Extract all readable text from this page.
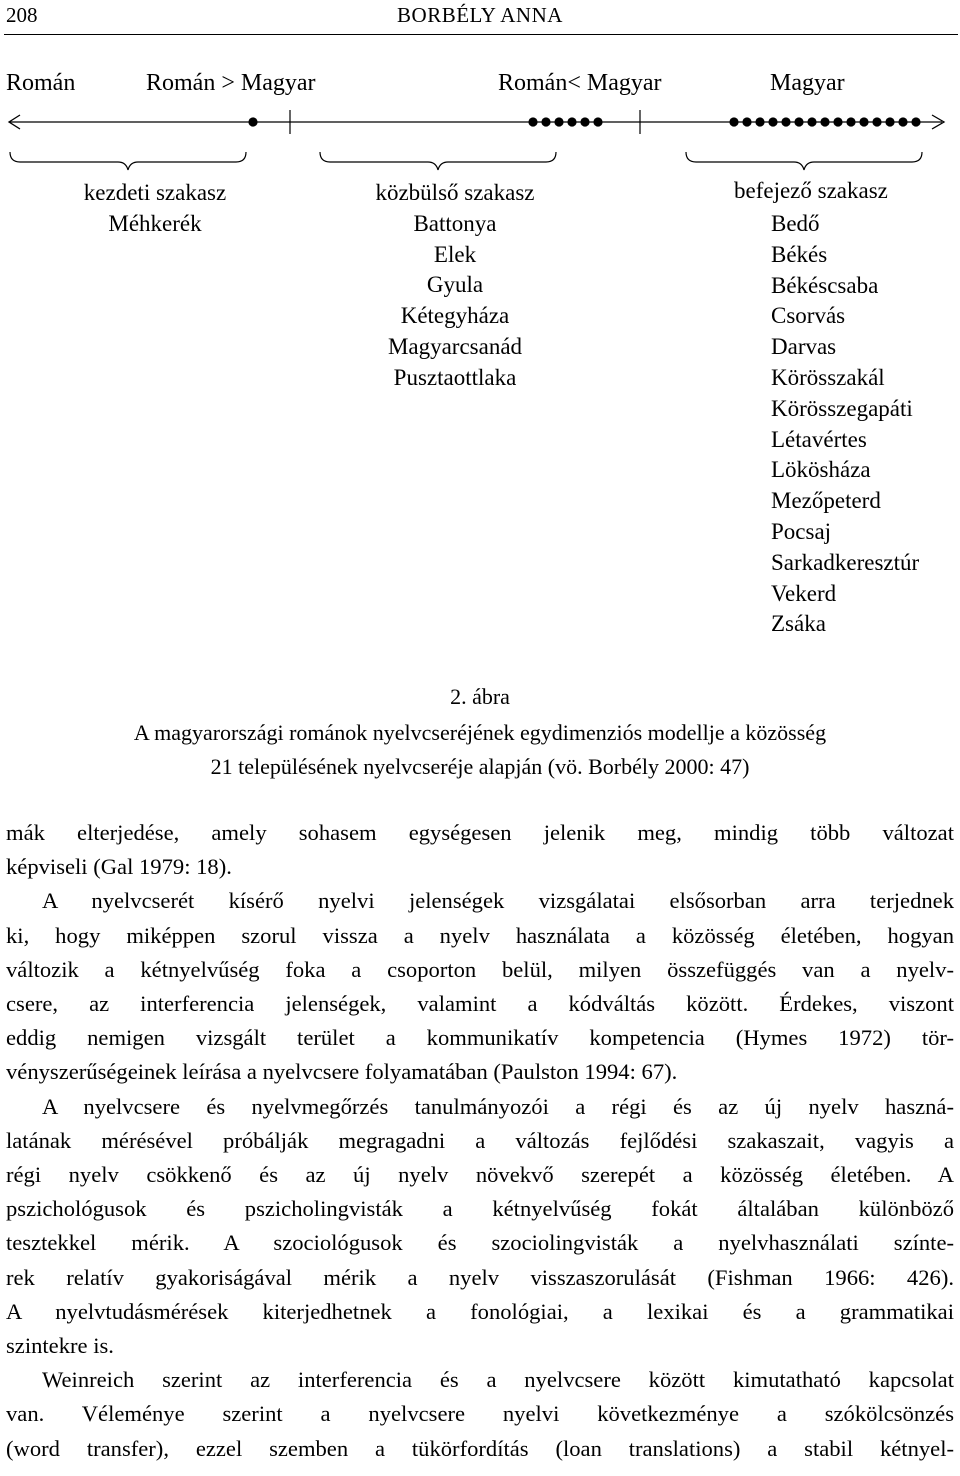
208	BORBÉLY ANNA
Román	Román > Magyar	Román< Magyar	Magyar
kezdeti szakasz
Méhkerék
közbülső szakasz
Battonya
Elek
Gyula
Kétegyháza
Magyarcsanád
Pusztaottlaka
befejező szakasz
Bedő
Békés
Békéscsaba
Csorvás
Darvas
Körösszakál
Körösszegapáti
Létavértes
Lökösháza
Mezőpeterd
Pocsaj
Sarkadkeresztúr
Vekerd
Zsáka
2. ábra
A magyarországi románok nyelvcseréjének egydimenziós modellje a közösség
21 településének nyelvcseréje alapján (vö. Borbély 2000: 47)

mák elterjedése, amely sohasem egységesen jelenik meg, mindig több változat

képviseli (Gal 1979: 18).

A nyelvcserét kísérő nyelvi jelenségek vizsgálatai elsősorban arra terjednek

ki, hogy miképpen szorul vissza a nyelv használata a közösség életében, hogyan

változik a kétnyelvűség foka a csoporton belül, milyen összefüggés van a nyelv-

csere, az interferencia jelenségek, valamint a kódváltás között. Érdekes, viszont

eddig nemigen vizsgált terület a kommunikatív kompetencia (Hymes 1972) tör-

vényszerűségeinek leírása a nyelvcsere folyamatában (Paulston 1994: 67).

A nyelvcsere és nyelvmegőrzés tanulmányozói a régi és az új nyelv haszná-

latának mérésével próbálják megragadni a változás fejlődési szakaszait, vagyis a

régi nyelv csökkenő és az új nyelv növekvő szerepét a közösség életében. A

pszichológusok és pszicholingvisták a kétnyelvűség fokát általában különböző

tesztekkel mérik. A szociológusok és szociolingvisták a nyelvhasználati színte-

rek relatív gyakoriságával mérik a nyelv visszaszorulását (Fishman 1966: 426).

A nyelvtudásmérések kiterjedhetnek a fonológiai, a lexikai és a grammatikai

szintekre is.

Weinreich szerint az interferencia és a nyelvcsere között kimutatható kapcsolat

van. Véleménye szerint a nyelvcsere nyelvi következménye a szókölcsönzés

(word transfer), ezzel szemben a tükörfordítás (loan translations) a stabil kétnyel-
